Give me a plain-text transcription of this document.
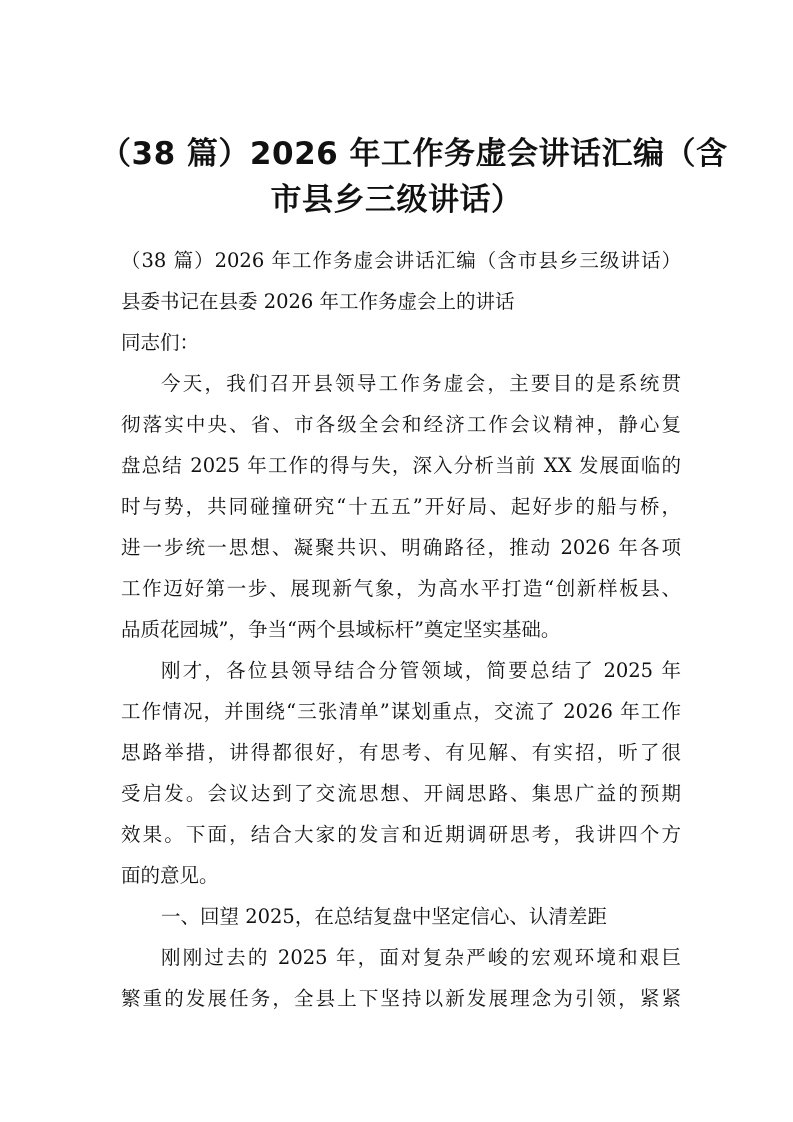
（38 篇）2026 年工作务虚会讲话汇编（含
市县乡三级讲话）
（38 篇）2026 年工作务虚会讲话汇编（含市县乡三级讲话）
县委书记在县委 2026 年工作务虚会上的讲话
同志们：
今天，我们召开县领导工作务虚会，主要目的是系统贯
彻落实中央、省、市各级全会和经济工作会议精神，静心复
盘总结 2025 年工作的得与失，深入分析当前 XX 发展面临的
时与势，共同碰撞研究“十五五”开好局、起好步的船与桥，
进一步统一思想、凝聚共识、明确路径，推动 2026 年各项
工作迈好第一步、展现新气象，为高水平打造“创新样板县、
品质花园城”，争当“两个县域标杆”奠定坚实基础。
刚才，各位县领导结合分管领域，简要总结了 2025 年
工作情况，并围绕“三张清单”谋划重点，交流了 2026 年工作
思路举措，讲得都很好，有思考、有见解、有实招，听了很
受启发。会议达到了交流思想、开阔思路、集思广益的预期
效果。下面，结合大家的发言和近期调研思考，我讲四个方
面的意见。
一、回望 2025，在总结复盘中坚定信心、认清差距
刚刚过去的 2025 年，面对复杂严峻的宏观环境和艰巨
繁重的发展任务，全县上下坚持以新发展理念为引领，紧紧
